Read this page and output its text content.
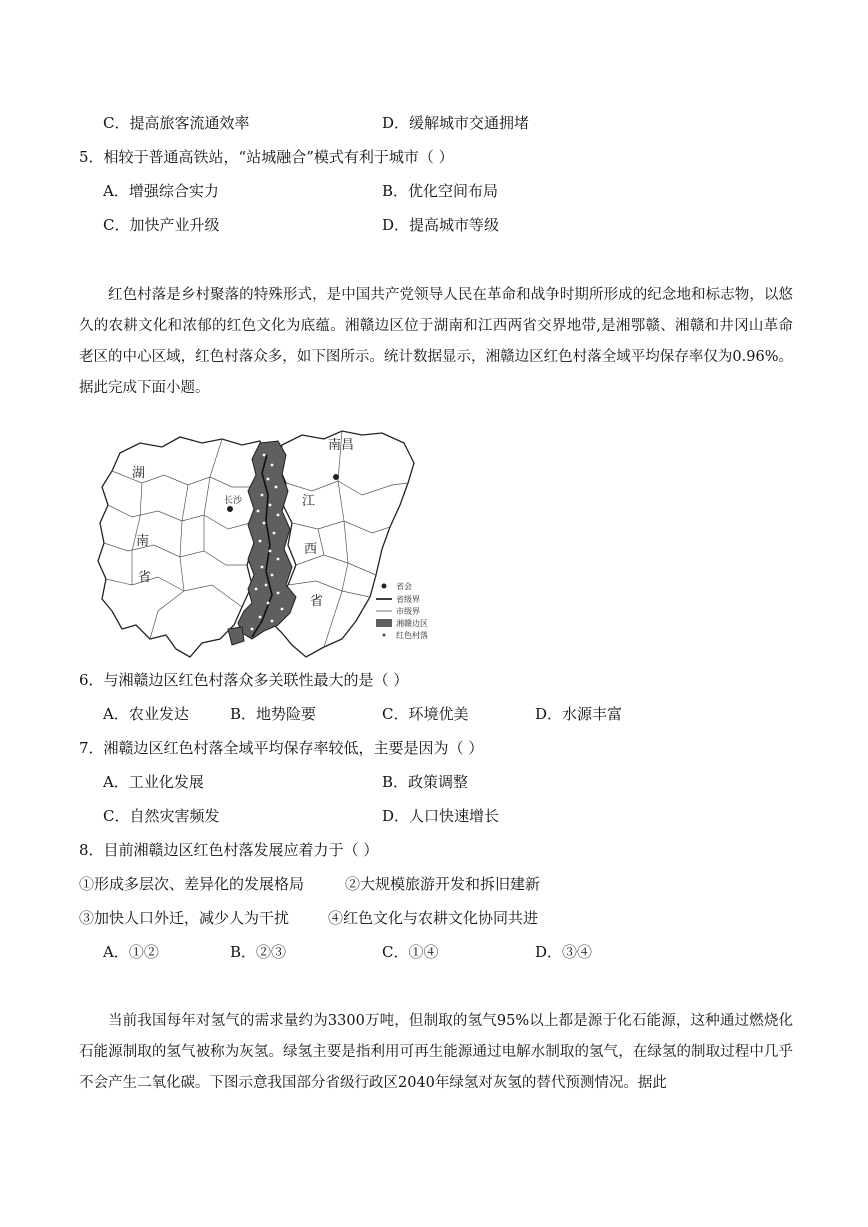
C．提高旅客流通效率	D．缓解城市交通拥堵
5．相较于普通高铁站，“站城融合”模式有利于城市（ ）
A．增强综合实力	B．优化空间布局
C．加快产业升级	D．提高城市等级

红色村落是乡村聚落的特殊形式，是中国共产党领导人民在革命和战争时期所形成的纪念地和标志物，以悠久的农耕文化和浓郁的红色文化为底蕴。湘赣边区位于湖南和江西两省交界地带,是湘鄂赣、湘赣和井冈山革命老区的中心区域，红色村落众多，如下图所示。统计数据显示，湘赣边区红色村落全域平均保存率仅为0.96%。据此完成下面小题。

湖
南
省
南昌
江
西
省
长沙
省会
省级界
市级界
湘赣边区
红色村落
6．与湘赣边区红色村落众多关联性最大的是（ ）
A．农业发达	B．地势险要	C．环境优美	D．水源丰富
7．湘赣边区红色村落全域平均保存率较低，主要是因为（ ）
A．工业化发展	B．政策调整
C．自然灾害频发	D．人口快速增长
8．目前湘赣边区红色村落发展应着力于（ ）
①形成多层次、差异化的发展格局	②大规模旅游开发和拆旧建新
③加快人口外迁，减少人为干扰	④红色文化与农耕文化协同共进
A．①②	B．②③	C．①④	D．③④

当前我国每年对氢气的需求量约为3300万吨，但制取的氢气95%以上都是源于化石能源，这种通过燃烧化石能源制取的氢气被称为灰氢。绿氢主要是指利用可再生能源通过电解水制取的氢气，在绿氢的制取过程中几乎不会产生二氧化碳。下图示意我国部分省级行政区2040年绿氢对灰氢的替代预测情况。据此
